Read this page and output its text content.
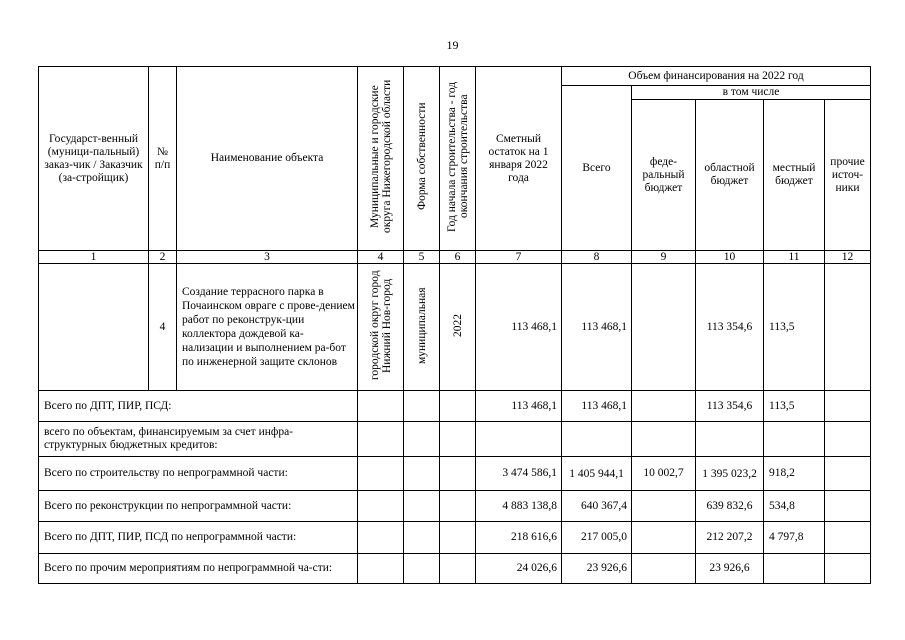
19
Государст-венный (муници-пальный) заказ-чик / Заказчик (за-стройщик)	№ п/п	Наименование объекта	Муниципальные и городские округа Нижегородской области	Форма собственности	Год начала строительства - год окончания строительства	Сметный остаток на 1 января 2022 года	Объем финансирования на 2022 год				
							Всего	в том числе			
								феде-ральный бюджет	областной бюджет	местный бюджет	прочие источ-ники
1	2	3	4	5	6	7	8	9	10	11	12
	4	Создание террасного парка в Почаинском овраге с прове-дением работ по реконструк-ции коллектора дождевой ка-нализации и выполнением ра-бот по инженерной защите склонов	городской округ город Нижний Нов-город	муниципальная	2022	113 468,1	113 468,1		113 354,6	113,5	
Всего по ДПТ, ПИР, ПСД:						113 468,1	113 468,1		113 354,6	113,5	
всего по объектам, финансируемым за счет инфра-структурных бюджетных кредитов:											
Всего по строительству по непрограммной части:						3 474 586,1	1 405 944,1	10 002,7	1 395 023,2	918,2	
Всего по реконструкции по непрограммной части:						4 883 138,8	640 367,4		639 832,6	534,8	
Всего по ДПТ, ПИР, ПСД по непрограммной части:						218 616,6	217 005,0		212 207,2	4 797,8	
Всего по прочим мероприятиям по непрограммной ча-сти:						24 026,6	23 926,6		23 926,6		
